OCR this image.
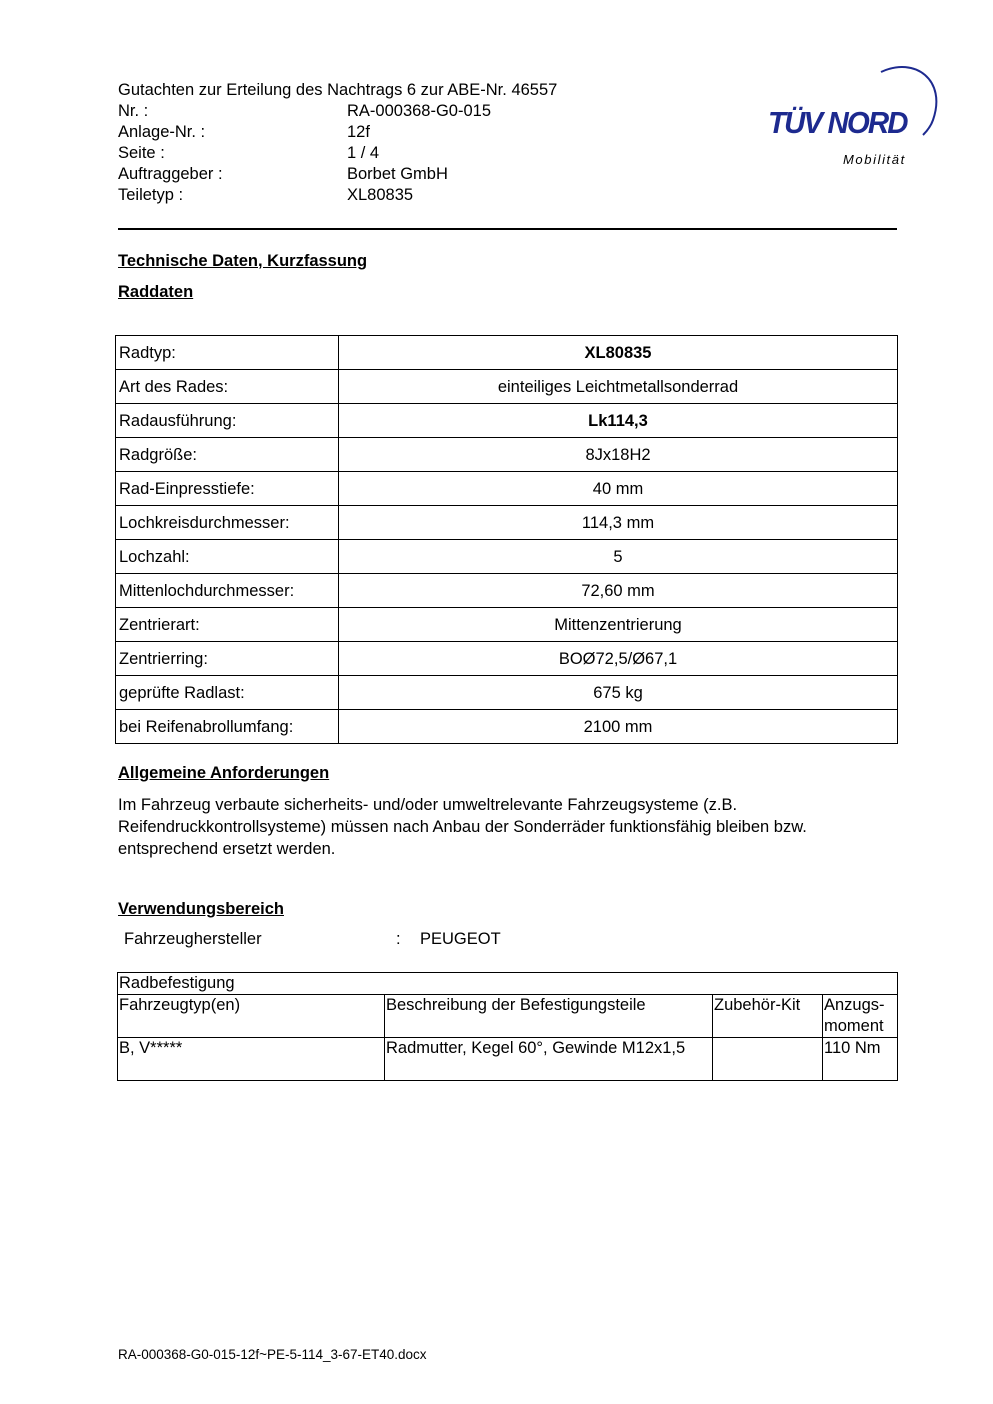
Gutachten zur Erteilung des Nachtrags 6 zur ABE-Nr. 46557
Nr. :	RA-000368-G0-015
Anlage-Nr. :	12f
Seite :	1 / 4
Auftraggeber :	Borbet GmbH
Teiletyp :	XL80835
TÜV NORD
Mobilität
Technische Daten, Kurzfassung
Raddaten
Radtyp:	XL80835
Art des Rades:	einteiliges Leichtmetallsonderrad
Radausführung:	Lk114,3
Radgröße:	8Jx18H2
Rad-Einpresstiefe:	40 mm
Lochkreisdurchmesser:	114,3 mm
Lochzahl:	5
Mittenlochdurchmesser:	72,60 mm
Zentrierart:	Mittenzentrierung
Zentrierring:	BOØ72,5/Ø67,1
geprüfte Radlast:	675 kg
bei Reifenabrollumfang:	2100 mm
Allgemeine Anforderungen
Im Fahrzeug verbaute sicherheits- und/oder umweltrelevante Fahrzeugsysteme (z.B. Reifendruckkontrollsysteme) müssen nach Anbau der Sonderräder funktionsfähig bleiben bzw. entsprechend ersetzt werden.
Verwendungsbereich
Fahrzeughersteller	: PEUGEOT
Radbefestigung			
Fahrzeugtyp(en)	Beschreibung der Befestigungsteile	Zubehör-Kit	Anzugs-moment
B, V*****	Radmutter, Kegel 60°, Gewinde M12x1,5		110 Nm
RA-000368-G0-015-12f~PE-5-114_3-67-ET40.docx
